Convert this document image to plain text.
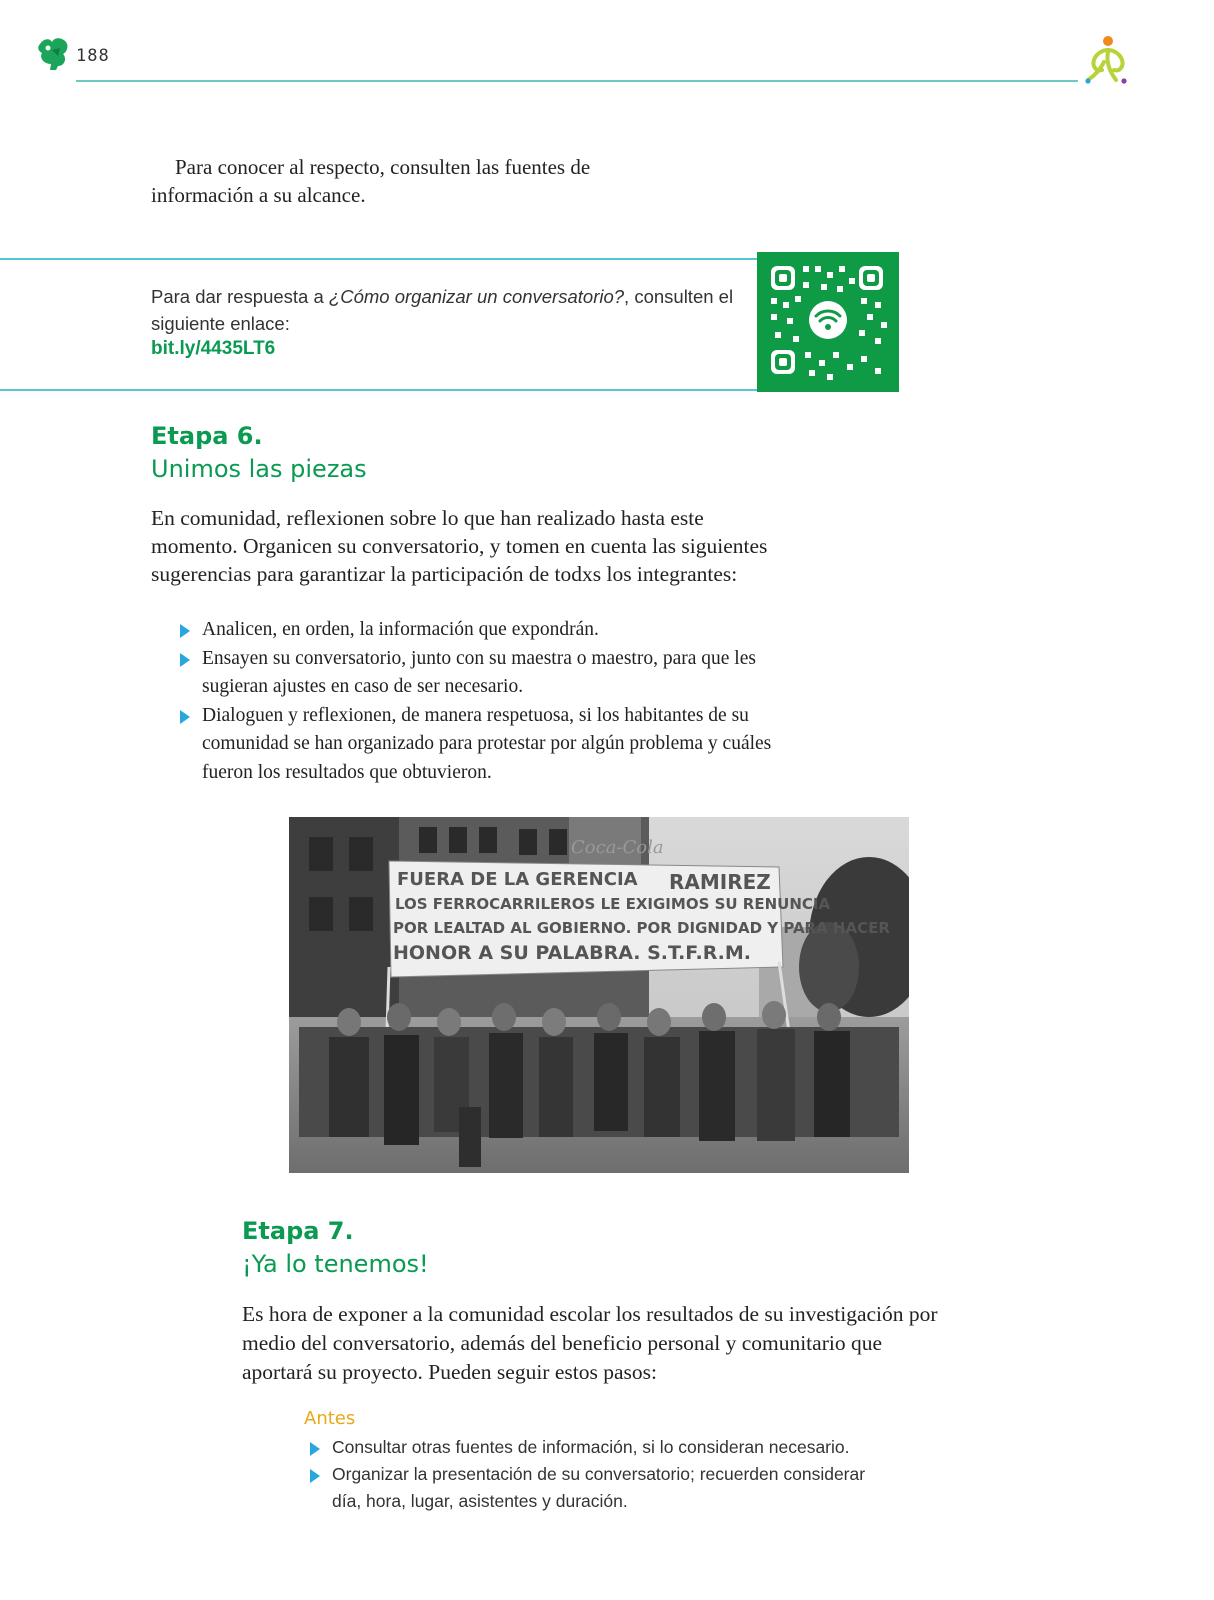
188

Para conocer al respecto, consulten las fuentes de información a su alcance.

Para dar respuesta a ¿Cómo organizar un conversatorio?, consulten el siguiente enlace:
bit.ly/4435LT6
Etapa 6.
Unimos las piezas

En comunidad, reflexionen sobre lo que han realizado hasta este momento. Organicen su conversatorio, y tomen en cuenta las siguientes sugerencias para garantizar la participación de todxs los integrantes:

Analicen, en orden, la información que expondrán.
Ensayen su conversatorio, junto con su maestra o maestro, para que les sugieran ajustes en caso de ser necesario.
Dialoguen y reflexionen, de manera respetuosa, si los habitantes de su comunidad se han organizado para protestar por algún problema y cuáles fueron los resultados que obtuvieron.
FUERA DE LA GERENCIA RAMIREZ
LOS FERROCARRILEROS LE EXIGIMOS SU RENUNCIA
POR LEALTAD AL GOBIERNO. POR DIGNIDAD Y PARA HACER
HONOR A SU PALABRA. S.T.F.R.M.
Coca-Cola
Etapa 7.
¡Ya lo tenemos!

Es hora de exponer a la comunidad escolar los resultados de su investigación por medio del conversatorio, además del beneficio personal y comunitario que aportará su proyecto. Pueden seguir estos pasos:

Antes
Consultar otras fuentes de información, si lo consideran necesario.
Organizar la presentación de su conversatorio; recuerden considerar día, hora, lugar, asistentes y duración.
